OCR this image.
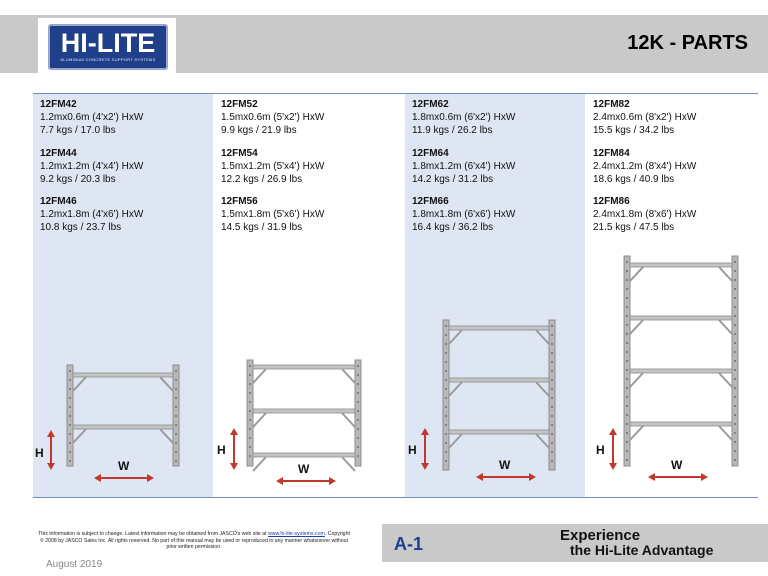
HI-LITE
ALUMINUM CONCRETE SUPPORT SYSTEMS
12K - PARTS
12FM42
1.2mx0.6m (4'x2') HxW
7.7 kgs / 17.0 lbs
12FM44
1.2mx1.2m (4'x4') HxW
9.2 kgs / 20.3 lbs
12FM46
1.2mx1.8m (4'x6') HxW
10.8 kgs / 23.7 lbs
12FM52
1.5mx0.6m (5'x2') HxW
9.9 kgs / 21.9 lbs
12FM54
1.5mx1.2m (5'x4') HxW
12.2 kgs / 26.9 lbs
12FM56
1.5mx1.8m (5'x6') HxW
14.5 kgs / 31.9 lbs
12FM62
1.8mx0.6m (6'x2') HxW
11.9 kgs / 26.2 lbs
12FM64
1.8mx1.2m (6'x4') HxW
14.2 kgs / 31.2 lbs
12FM66
1.8mx1.8m (6'x6') HxW
16.4 kgs / 36.2 lbs
12FM82
2.4mx0.6m (8'x2') HxW
15.5 kgs / 34.2 lbs
12FM84
2.4mx1.2m (8'x4') HxW
18.6 kgs / 40.9 lbs
12FM86
2.4mx1.8m (8'x6') HxW
21.5 kgs / 47.5 lbs
H
W
H
W
H
W
H
W
This information is subject to change. Latest information may be obtained from JASCO's web site at www.hi-lite-systems.com. Copyright © 2008 by JASCO Sales Inc. All rights reserved. No part of this manual may be used or reproduced in any manner whatsoever without prior written permission.
August 2019
A-1	Experience
the Hi-Lite Advantage
